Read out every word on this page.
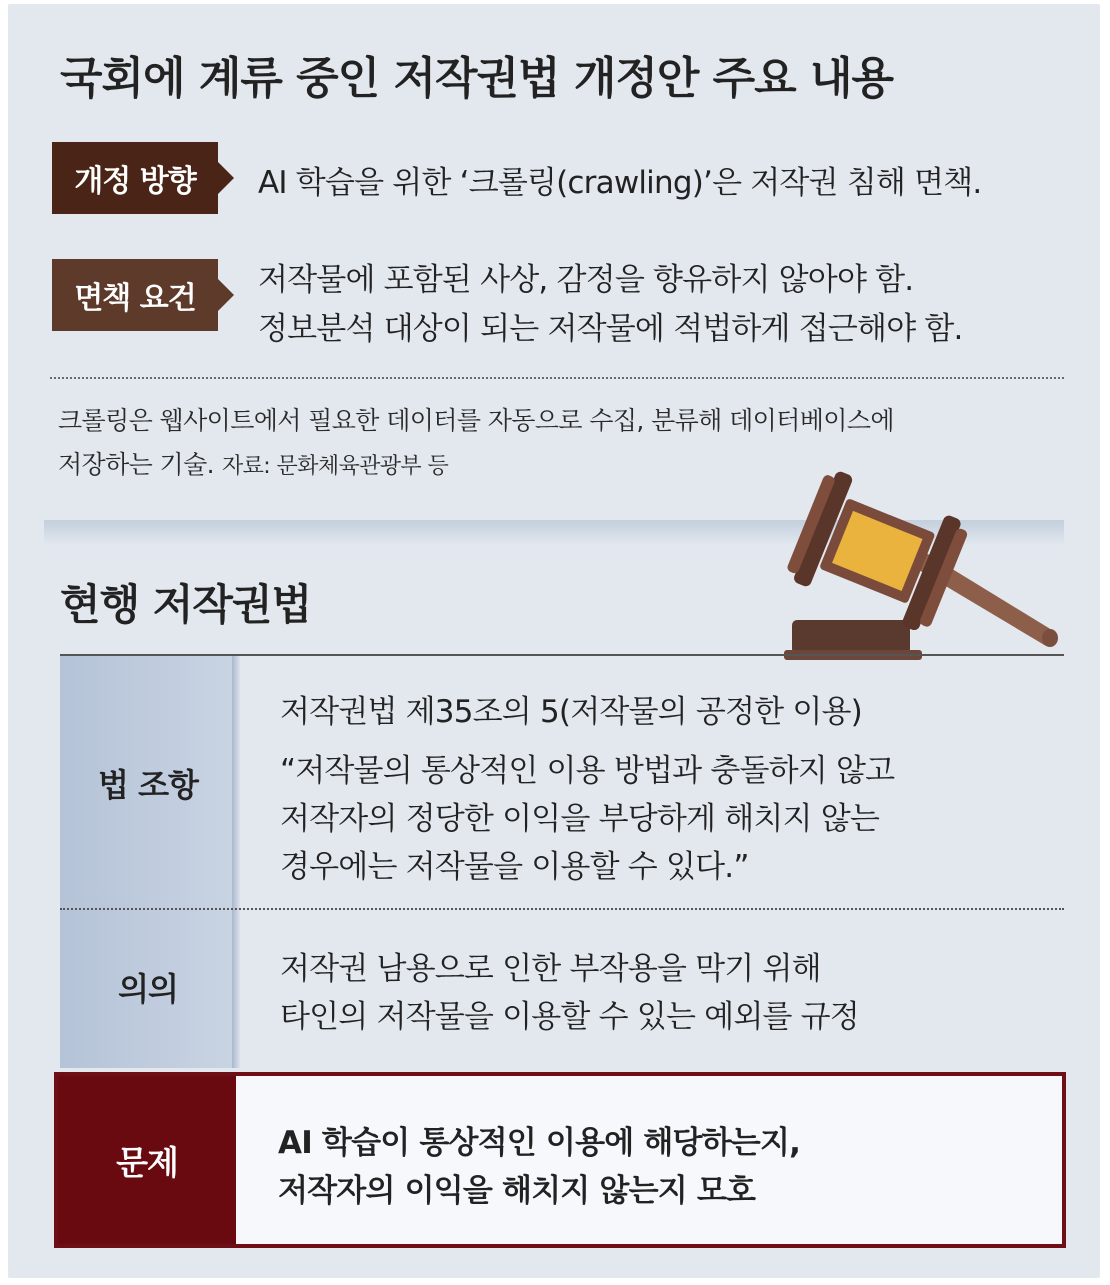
국회에 계류 중인 저작권법 개정안 주요 내용
개정 방향	AI 학습을 위한 ‘크롤링(crawling)’은 저작권 침해 면책.
면책 요건
저작물에 포함된 사상, 감정을 향유하지 않아야 함.
정보분석 대상이 되는 저작물에 적법하게 접근해야 함.
크롤링은 웹사이트에서 필요한 데이터를 자동으로 수집, 분류해 데이터베이스에
저장하는 기술. 자료: 문화체육관광부 등
현행 저작권법
법 조항
저작권법 제35조의 5(저작물의 공정한 이용)
“저작물의 통상적인 이용 방법과 충돌하지 않고
저작자의 정당한 이익을 부당하게 해치지 않는
경우에는 저작물을 이용할 수 있다.”
의의
저작권 남용으로 인한 부작용을 막기 위해
타인의 저작물을 이용할 수 있는 예외를 규정
문제	AI 학습이 통상적인 이용에 해당하는지,
저작자의 이익을 해치지 않는지 모호
